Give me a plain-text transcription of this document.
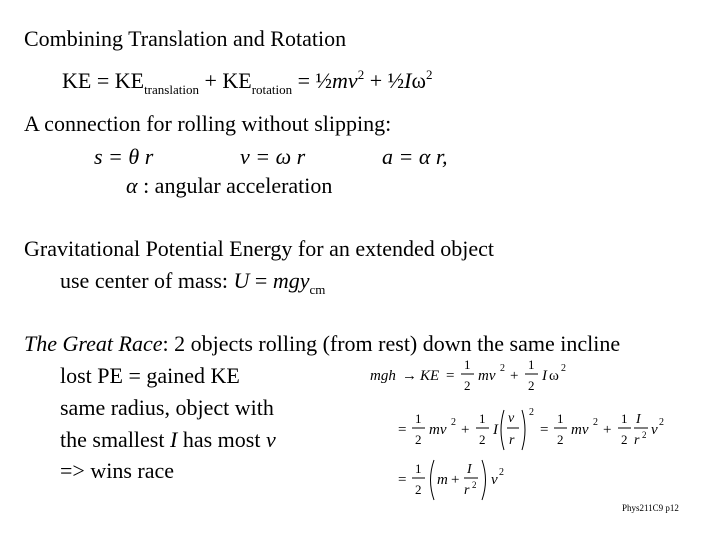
Combining Translation and Rotation
KE = $KE_{translation} + KE_{rotation}$ = $\frac{1}{2}mv^2$ + $\frac{1}{2}I\omega^2$
A connection for rolling without slipping:
s = θ r	v = ω r	a = α r,
α : angular acceleration
Gravitational Potential Energy for an extended object
use center of mass: U = mgy$_{cm}$
The Great Race: 2 objects rolling (from rest) down the same incline
lost PE = gained KE
same radius, object with
the smallest I has most v
=> wins race
mgh → KE =
1
2
mv 2 +
1
2
I ω 2
=
1
2
mv 2 +
1
2
I
v
r
2
=
1
2
mv 2 +
1
2
I
r 2 v 2
=
1
2
m +
I
r 2 v 2
Phys211C9 p12
